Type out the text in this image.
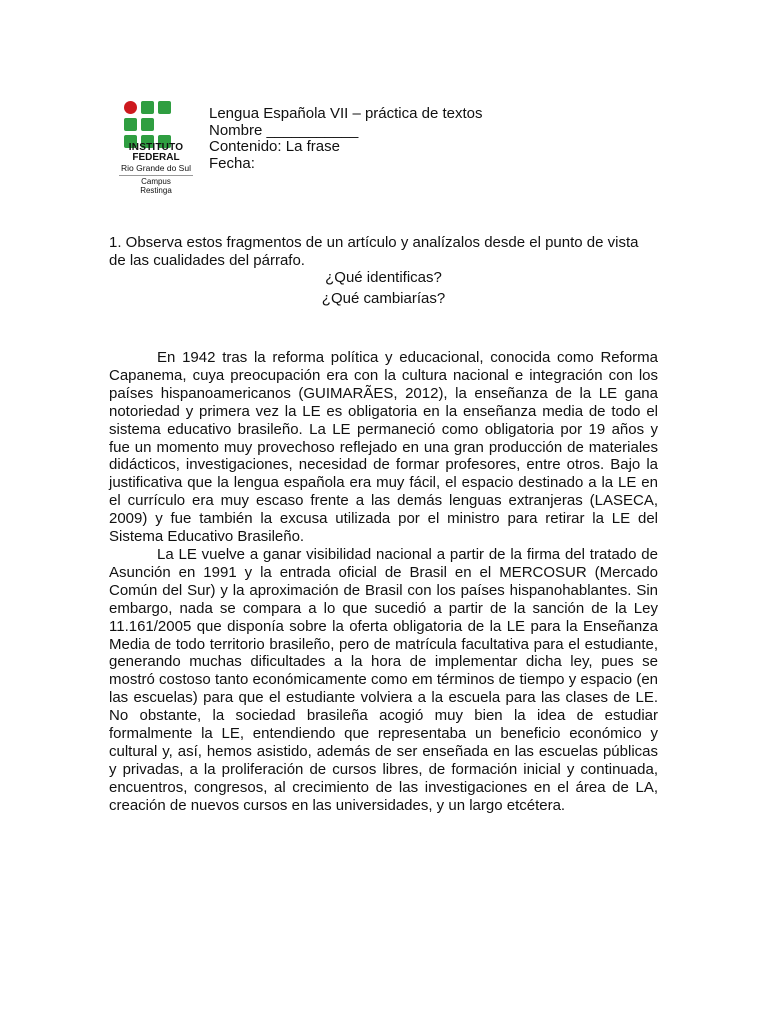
INSTITUTO
FEDERAL
Rio Grande do Sul
Campus
Restinga
Lengua Española VII – práctica de textos
Nombre ___________
Contenido: La frase
Fecha:
1. Observa estos fragmentos de un artículo y analízalos desde el punto de vista de las cualidades del párrafo.
¿Qué identificas?
¿Qué cambiarías?

En 1942 tras la reforma política y educacional, conocida como Reforma Capanema, cuya preocupación era con la cultura nacional e integración con los países hispanoamericanos (GUIMARÃES, 2012), la enseñanza de la LE gana notoriedad y primera vez la LE es obligatoria en la enseñanza media de todo el sistema educativo brasileño. La LE permaneció como obligatoria por 19 años y fue un momento muy provechoso reflejado en una gran producción de materiales didácticos, investigaciones, necesidad de formar profesores, entre otros. Bajo la justificativa que la lengua española era muy fácil, el espacio destinado a la LE en el currículo era muy escaso frente a las demás lenguas extranjeras (LASECA, 2009) y fue también la excusa utilizada por el ministro para retirar la LE del Sistema Educativo Brasileño.

La LE vuelve a ganar visibilidad nacional a partir de la firma del tratado de Asunción en 1991 y la entrada oficial de Brasil en el MERCOSUR (Mercado Común del Sur) y la aproximación de Brasil con los países hispanohablantes. Sin embargo, nada se compara a lo que sucedió a partir de la sanción de la Ley 11.161/2005 que disponía sobre la oferta obligatoria de la LE para la Enseñanza Media de todo territorio brasileño, pero de matrícula facultativa para el estudiante, generando muchas dificultades a la hora de implementar dicha ley, pues se mostró costoso tanto económicamente como em términos de tiempo y espacio (en las escuelas) para que el estudiante volviera a la escuela para las clases de LE. No obstante, la sociedad brasileña acogió muy bien la idea de estudiar formalmente la LE, entendiendo que representaba un beneficio económico y cultural y, así, hemos asistido, además de ser enseñada en las escuelas públicas y privadas, a la proliferación de cursos libres, de formación inicial y continuada, encuentros, congresos, al crecimiento de las investigaciones en el área de LA, creación de nuevos cursos en las universidades, y un largo etcétera.
